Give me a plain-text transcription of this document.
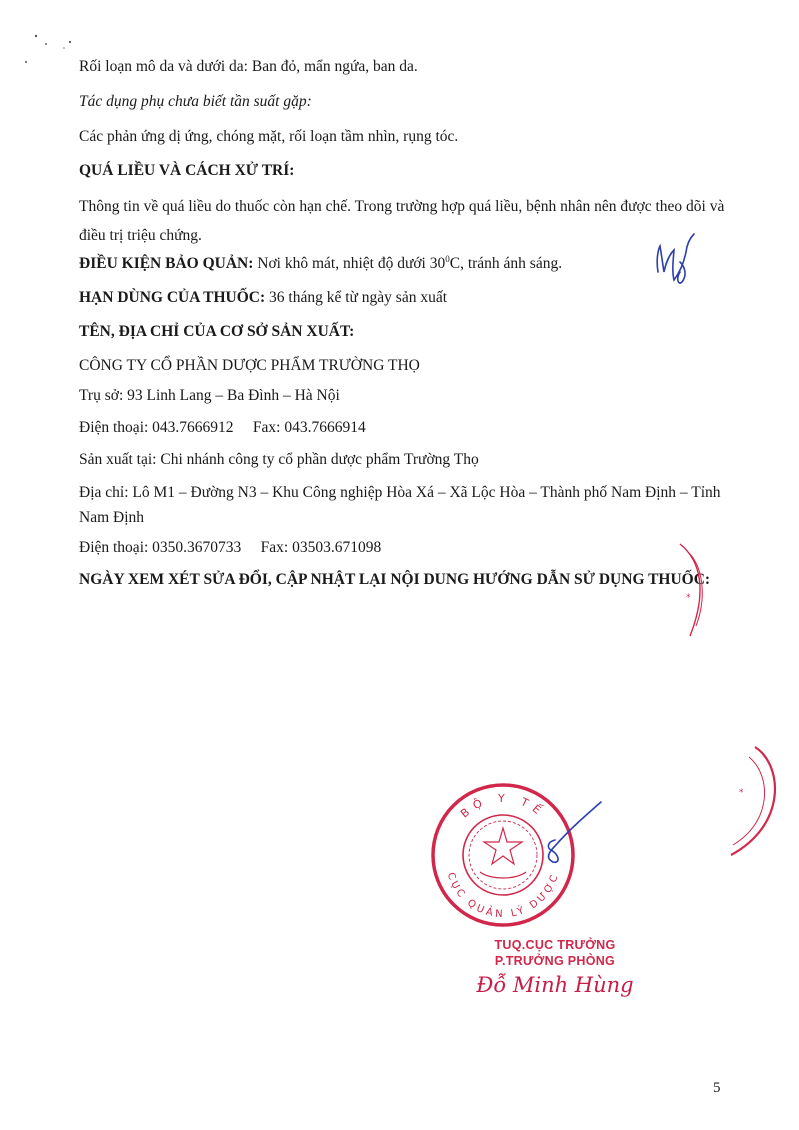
Rối loạn mô da và dưới da: Ban đỏ, mẩn ngứa, ban da.
Tác dụng phụ chưa biết tần suất gặp:
Các phản ứng dị ứng, chóng mặt, rối loạn tầm nhìn, rụng tóc.
QUÁ LIỀU VÀ CÁCH XỬ TRÍ:
Thông tin về quá liều do thuốc còn hạn chế. Trong trường hợp quá liều, bệnh nhân nên được theo dõi và điều trị triệu chứng.
ĐIỀU KIỆN BẢO QUẢN: Nơi khô mát, nhiệt độ dưới $30^0C$, tránh ánh sáng.
HẠN DÙNG CỦA THUỐC: 36 tháng kể từ ngày sản xuất
TÊN, ĐỊA CHỈ CỦA CƠ SỞ SẢN XUẤT:
CÔNG TY CỔ PHẦN DƯỢC PHẨM TRƯỜNG THỌ
Trụ sở: 93 Linh Lang – Ba Đình – Hà Nội
Điện thoại: 043.7666912     Fax: 043.7666914
Sản xuất tại: Chi nhánh công ty cổ phần dược phẩm Trường Thọ
Địa chỉ: Lô M1 – Đường N3 – Khu Công nghiệp Hòa Xá – Xã Lộc Hòa – Thành phố Nam Định – Tỉnh Nam Định
Điện thoại: 0350.3670733     Fax: 03503.671098
NGÀY XEM XÉT SỬA ĐỔI, CẬP NHẬT LẠI NỘI DUNG HƯỚNG DẪN SỬ DỤNG THUỐC:
*
*
BỘ Y TẾ
CỤC QUẢN LÝ DƯỢC
TUQ.CỤC TRƯỞNG
P.TRƯỞNG PHÒNG
Đỗ Minh Hùng
5
